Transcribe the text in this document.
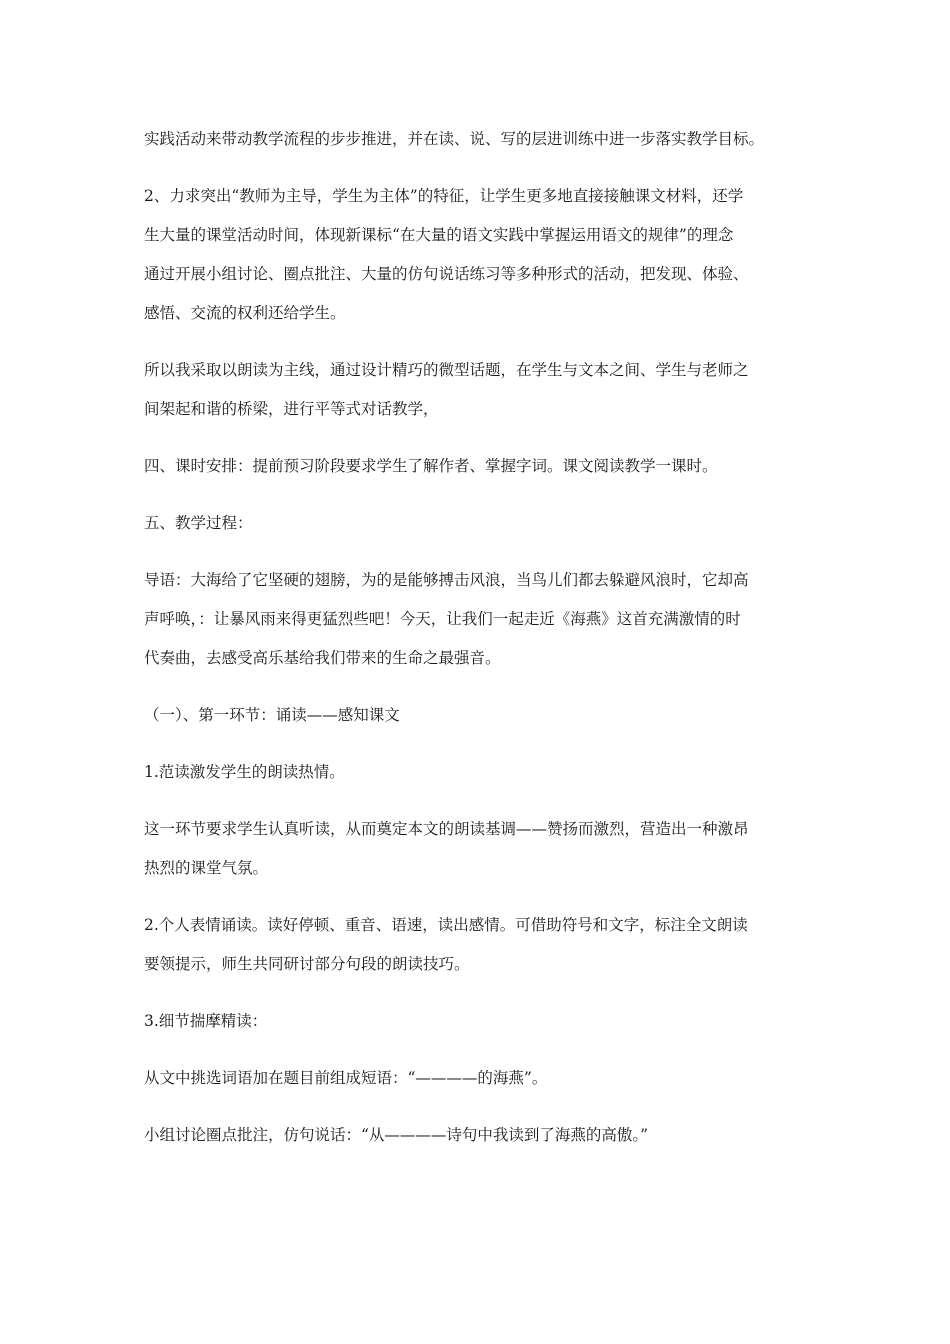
实践活动来带动教学流程的步步推进，并在读、说、写的层进训练中进一步落实教学目标。

2、力求突出“教师为主导，学生为主体”的特征，让学生更多地直接接触课文材料，还学
生大量的课堂活动时间，体现新课标“在大量的语文实践中掌握运用语文的规律”的理念
通过开展小组讨论、圈点批注、大量的仿句说话练习等多种形式的活动，把发现、体验、
感悟、交流的权利还给学生。

所以我采取以朗读为主线，通过设计精巧的微型话题，在学生与文本之间、学生与老师之
间架起和谐的桥梁，进行平等式对话教学，

四、课时安排：提前预习阶段要求学生了解作者、掌握字词。课文阅读教学一课时。

五、教学过程：

导语：大海给了它坚硬的翅膀，为的是能够搏击风浪，当鸟儿们都去躲避风浪时，它却高
声呼唤，：让暴风雨来得更猛烈些吧！今天，让我们一起走近《海燕》这首充满激情的时
代奏曲，去感受高乐基给我们带来的生命之最强音。

（一）、第一环节：诵读——感知课文

1.范读激发学生的朗读热情。

这一环节要求学生认真听读，从而奠定本文的朗读基调——赞扬而激烈，营造出一种激昂
热烈的课堂气氛。

2.个人表情诵读。读好停顿、重音、语速，读出感情。可借助符号和文字，标注全文朗读
要领提示，师生共同研讨部分句段的朗读技巧。

3.细节揣摩精读：

从文中挑选词语加在题目前组成短语：“————的海燕”。

小组讨论圈点批注，仿句说话：“从————诗句中我读到了海燕的高傲。”
